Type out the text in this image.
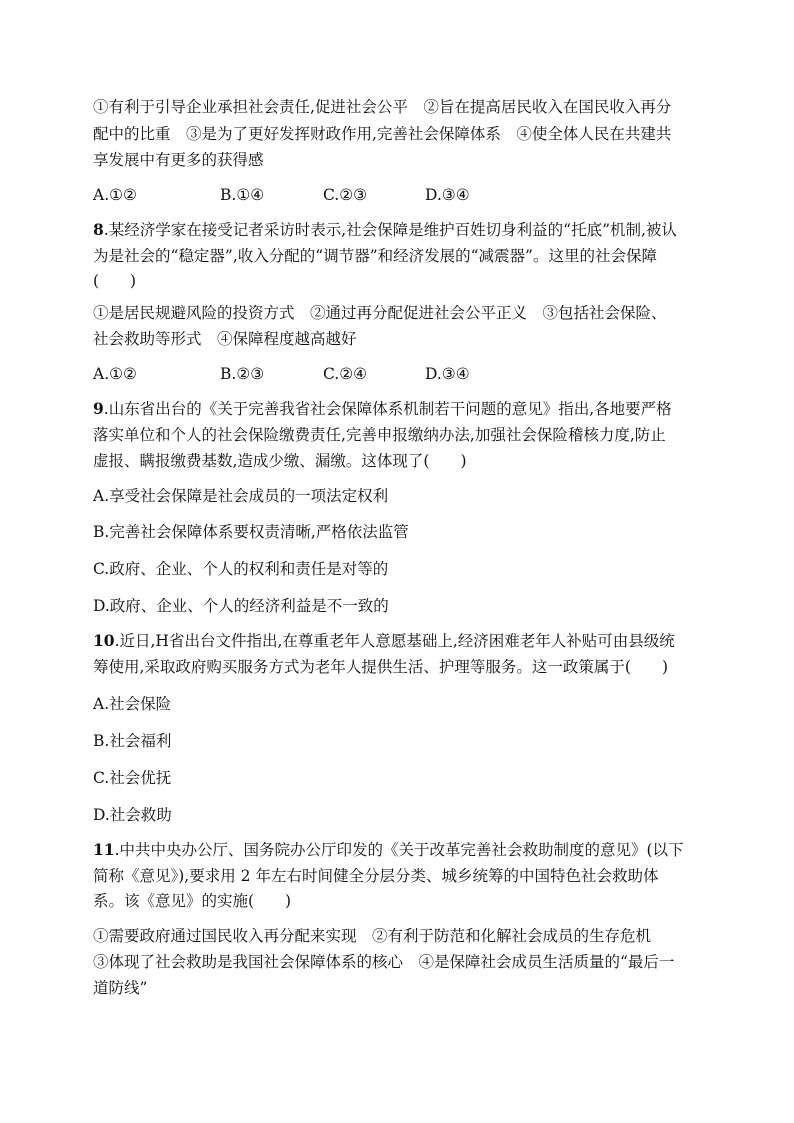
①有利于引导企业承担社会责任,促进社会公平　②旨在提高居民收入在国民收入再分
配中的比重　③是为了更好发挥财政作用,完善社会保障体系　④使全体人民在共建共
享发展中有更多的获得感
A.①②	B.①④	C.②③	D.③④
8.某经济学家在接受记者采访时表示,社会保障是维护百姓切身利益的“托底”机制,被认
为是社会的“稳定器”,收入分配的“调节器”和经济发展的“减震器”。这里的社会保障
(　　)
①是居民规避风险的投资方式　②通过再分配促进社会公平正义　③包括社会保险、
社会救助等形式　④保障程度越高越好
A.①②	B.②③	C.②④	D.③④
9.山东省出台的《关于完善我省社会保障体系机制若干问题的意见》指出,各地要严格
落实单位和个人的社会保险缴费责任,完善申报缴纳办法,加强社会保险稽核力度,防止
虚报、瞒报缴费基数,造成少缴、漏缴。这体现了(　　)
A.享受社会保障是社会成员的一项法定权利
B.完善社会保障体系要权责清晰,严格依法监管
C.政府、企业、个人的权利和责任是对等的
D.政府、企业、个人的经济利益是不一致的
10.近日,H省出台文件指出,在尊重老年人意愿基础上,经济困难老年人补贴可由县级统
筹使用,采取政府购买服务方式为老年人提供生活、护理等服务。这一政策属于(　　)
A.社会保险
B.社会福利
C.社会优抚
D.社会救助
11.中共中央办公厅、国务院办公厅印发的《关于改革完善社会救助制度的意见》(以下
简称《意见》),要求用 2 年左右时间健全分层分类、城乡统筹的中国特色社会救助体
系。该《意见》的实施(　　)
①需要政府通过国民收入再分配来实现　②有利于防范和化解社会成员的生存危机
③体现了社会救助是我国社会保障体系的核心　④是保障社会成员生活质量的“最后一
道防线”
